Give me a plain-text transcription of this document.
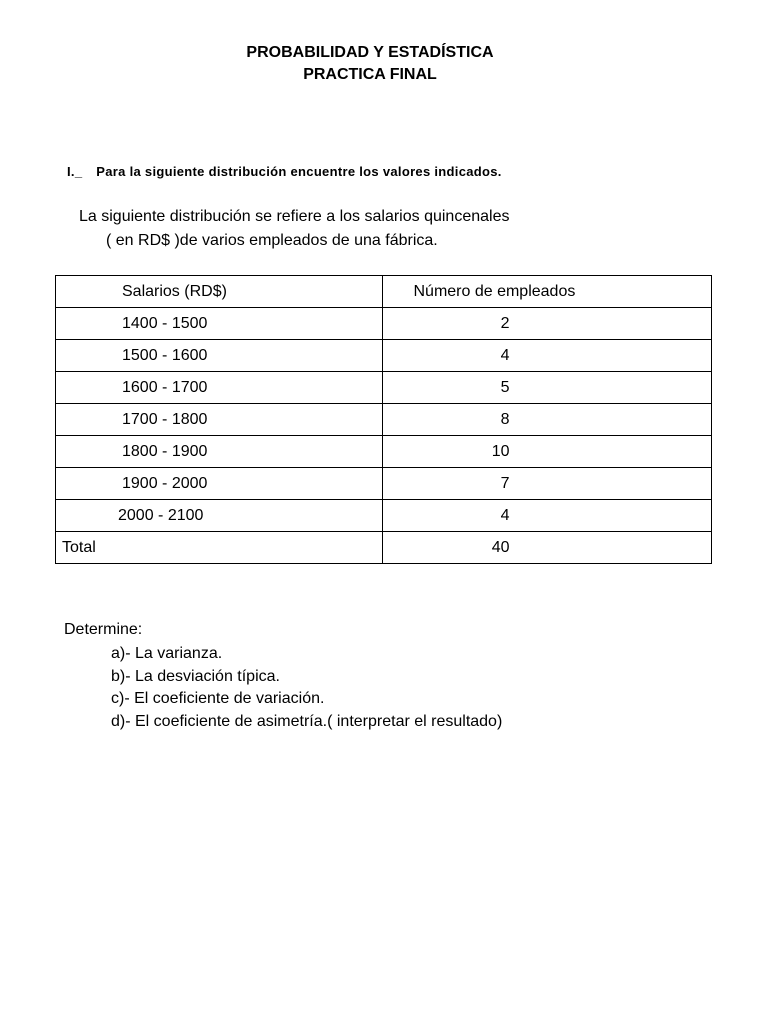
PROBABILIDAD Y ESTADÍSTICA
PRACTICA FINAL
I._ Para la siguiente distribución encuentre los valores indicados.
La siguiente distribución se refiere a los salarios quincenales
( en RD$ )de varios empleados de una fábrica.
Salarios (RD$)	Número de empleados
1400 - 1500	2
1500 - 1600	4
1600 - 1700	5
1700 - 1800	8
1800 - 1900	10
1900 - 2000	7
2000 - 2100	4
Total	40
Determine:
a)- La varianza.
b)- La desviación típica.
c)- El coeficiente de variación.
d)- El coeficiente de asimetría.( interpretar el resultado)
